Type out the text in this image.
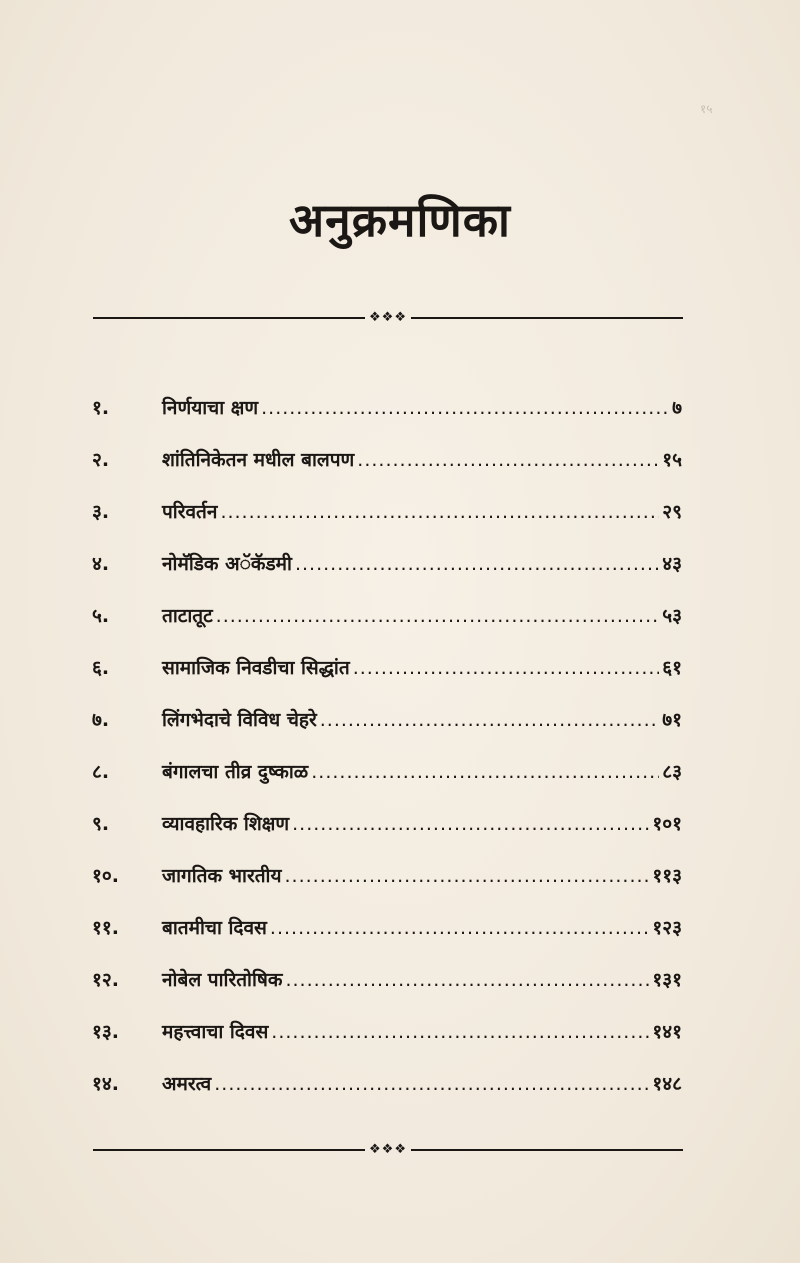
१५
अनुक्रमणिका
❖❖❖
१.	निर्णयाचा क्षण .....	७
२.	शांतिनिकेतन मधील बालपण .....	१५
३.	परिवर्तन .....	२९
४.	नोमॅडिक अॅकॅडमी .....	४३
५.	ताटातूट .....	५३
६.	सामाजिक निवडीचा सिद्धांत .....	६१
७.	लिंगभेदाचे विविध चेहरे .....	७१
८.	बंगालचा तीव्र दुष्काळ .....	८३
९.	व्यावहारिक शिक्षण .....	१०१
१०. जागतिक भारतीय .....	११३
११. बातमीचा दिवस .....	१२३
१२. नोबेल पारितोषिक .....	१३१
१३. महत्त्वाचा दिवस .....	१४१
१४. अमरत्व .....	१४८
❖❖❖
